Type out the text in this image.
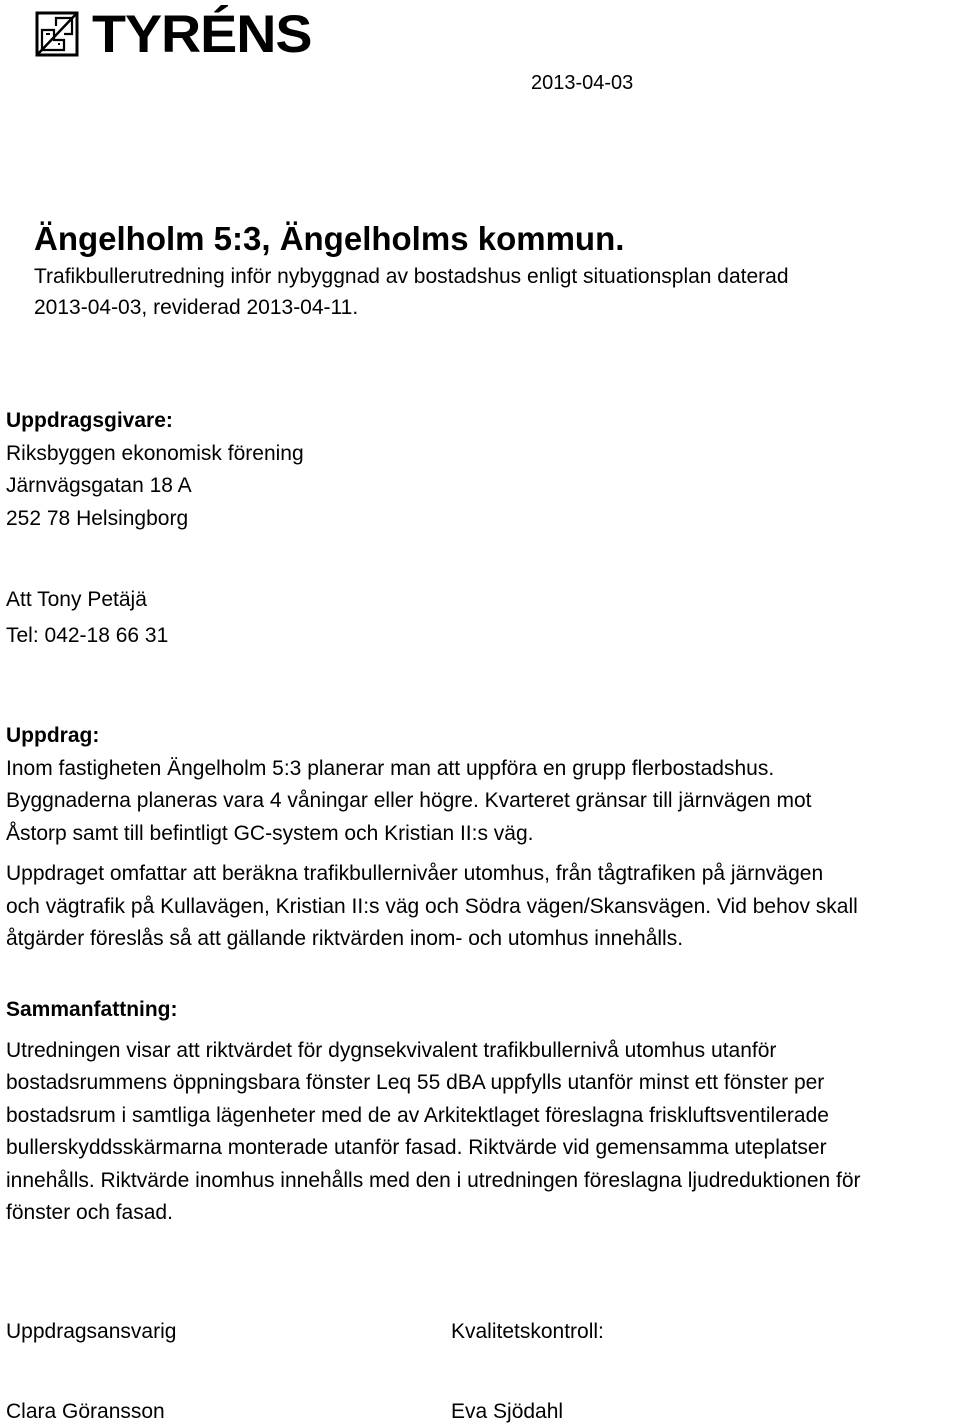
TYRÉNS
2013-04-03
Ängelholm 5:3, Ängelholms kommun.
Trafikbullerutredning inför nybyggnad av bostadshus enligt situationsplan daterad
2013-04-03, reviderad 2013-04-11.
Uppdragsgivare:
Riksbyggen ekonomisk förening
Järnvägsgatan 18 A
252 78 Helsingborg
Att Tony Petäjä
Tel: 042-18 66 31
Uppdrag:
Inom fastigheten Ängelholm 5:3 planerar man att uppföra en grupp flerbostadshus.
Byggnaderna planeras vara 4 våningar eller högre. Kvarteret gränsar till järnvägen mot
Åstorp samt till befintligt GC-system och Kristian II:s väg.
Uppdraget omfattar att beräkna trafikbullernivåer utomhus, från tågtrafiken på järnvägen
och vägtrafik på Kullavägen, Kristian II:s väg och Södra vägen/Skansvägen. Vid behov skall
åtgärder föreslås så att gällande riktvärden inom- och utomhus innehålls.
Sammanfattning:
Utredningen visar att riktvärdet för dygnsekvivalent trafikbullernivå utomhus utanför
bostadsrummens öppningsbara fönster Leq 55 dBA uppfylls utanför minst ett fönster per
bostadsrum i samtliga lägenheter med de av Arkitektlaget föreslagna friskluftsventilerade
bullerskyddsskärmarna monterade utanför fasad. Riktvärde vid gemensamma uteplatser
innehålls. Riktvärde inomhus innehålls med den i utredningen föreslagna ljudreduktionen för
fönster och fasad.
Uppdragsansvarig	Kvalitetskontroll:
Clara Göransson	Eva Sjödahl
